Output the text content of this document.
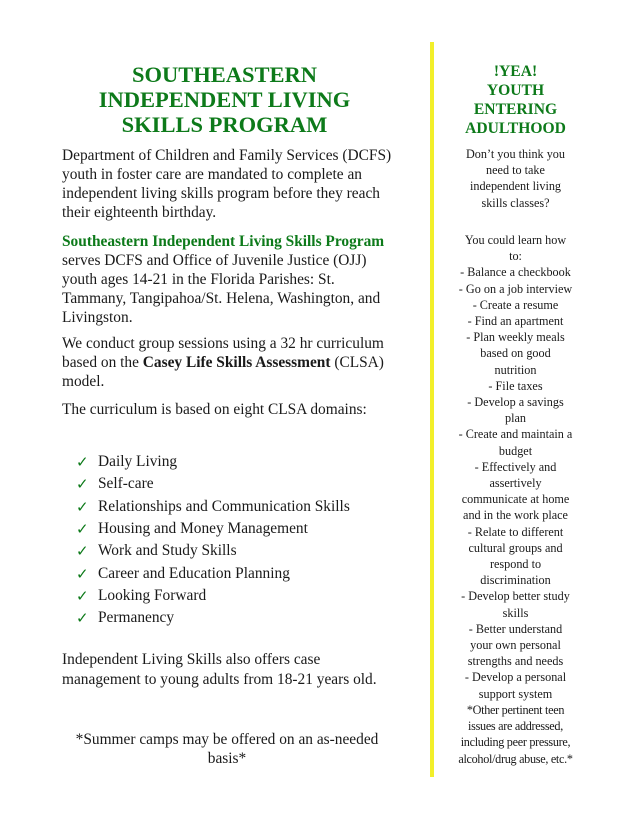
SOUTHEASTERN
INDEPENDENT LIVING
SKILLS PROGRAM
Department of Children and Family Services (DCFS) youth in foster care are mandated to complete an independent living skills program before they reach their eighteenth birthday.
Southeastern Independent Living Skills Program serves DCFS and Office of Juvenile Justice (OJJ) youth ages 14-21 in the Florida Parishes: St. Tammany, Tangipahoa/St. Helena, Washington, and Livingston.
We conduct group sessions using a 32 hr curriculum based on the Casey Life Skills Assessment (CLSA) model.
The curriculum is based on eight CLSA domains:
✓ Daily Living
✓ Self-care
✓ Relationships and Communication Skills
✓ Housing and Money Management
✓ Work and Study Skills
✓ Career and Education Planning
✓ Looking Forward
✓ Permanency
Independent Living Skills also offers case management to young adults from 18-21 years old.
*Summer camps may be offered on an as-needed basis*
!YEA!
YOUTH
ENTERING
ADULTHOOD
Don’t you think you
need to take
independent living
skills classes?
You could learn how
to:
- Balance a checkbook
- Go on a job interview
- Create a resume
- Find an apartment
- Plan weekly meals
based on good
nutrition
- File taxes
- Develop a savings
plan
- Create and maintain a
budget
- Effectively and
assertively
communicate at home
and in the work place
- Relate to different
cultural groups and
respond to
discrimination
- Develop better study
skills
- Better understand
your own personal
strengths and needs
- Develop a personal
support system
*Other pertinent teen
issues are addressed,
including peer pressure,
alcohol/drug abuse, etc.*
